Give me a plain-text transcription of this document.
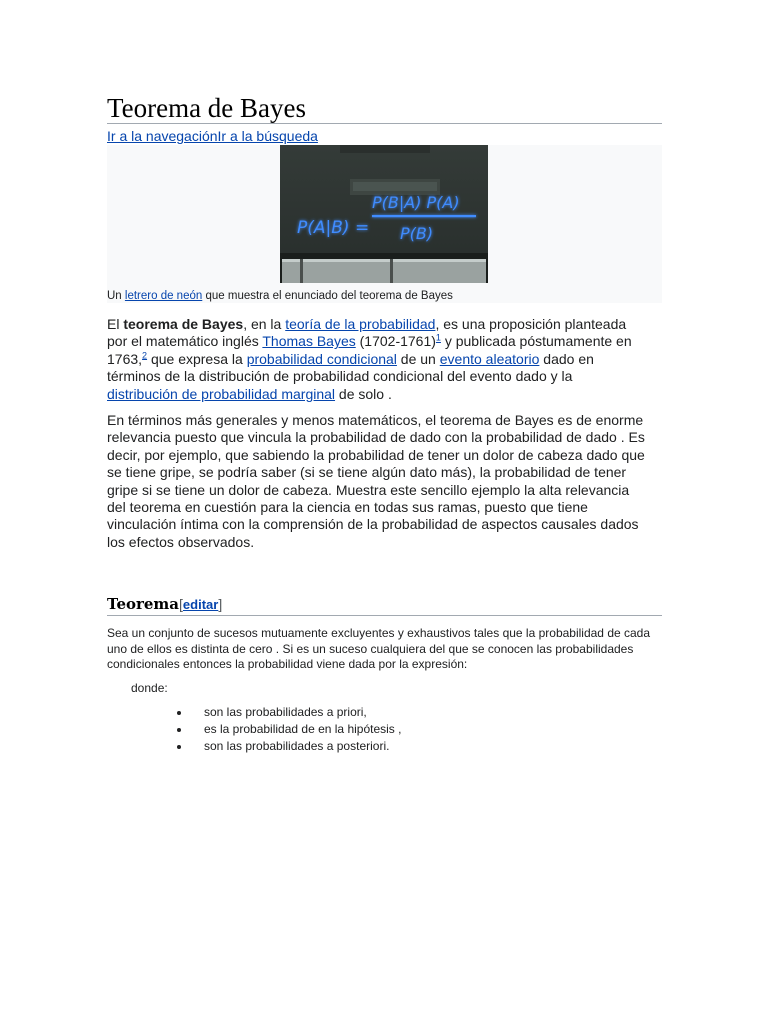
Teorema de Bayes
Ir a la navegaciónIr a la búsqueda
P(A|B) =
P(B|A) P(A)
P(B)
Un letrero de neón que muestra el enunciado del teorema de Bayes

El teorema de Bayes, en la teoría de la probabilidad, es una proposición planteada por el matemático inglés Thomas Bayes (1702-1761)$^1$ y publicada póstumamente en 1763,$^2$ que expresa la probabilidad condicional de un evento aleatorio dado en términos de la distribución de probabilidad condicional del evento dado y la distribución de probabilidad marginal de solo .

En términos más generales y menos matemáticos, el teorema de Bayes es de enorme relevancia puesto que vincula la probabilidad de dado con la probabilidad de dado . Es decir, por ejemplo, que sabiendo la probabilidad de tener un dolor de cabeza dado que se tiene gripe, se podría saber (si se tiene algún dato más), la probabilidad de tener gripe si se tiene un dolor de cabeza. Muestra este sencillo ejemplo la alta relevancia del teorema en cuestión para la ciencia en todas sus ramas, puesto que tiene vinculación íntima con la comprensión de la probabilidad de aspectos causales dados los efectos observados.

Teorema[editar]

Sea un conjunto de sucesos mutuamente excluyentes y exhaustivos tales que la probabilidad de cada uno de ellos es distinta de cero . Si es un suceso cualquiera del que se conocen las probabilidades condicionales entonces la probabilidad viene dada por la expresión:

donde:
son las probabilidades a priori,
es la probabilidad de en la hipótesis ,
son las probabilidades a posteriori.
